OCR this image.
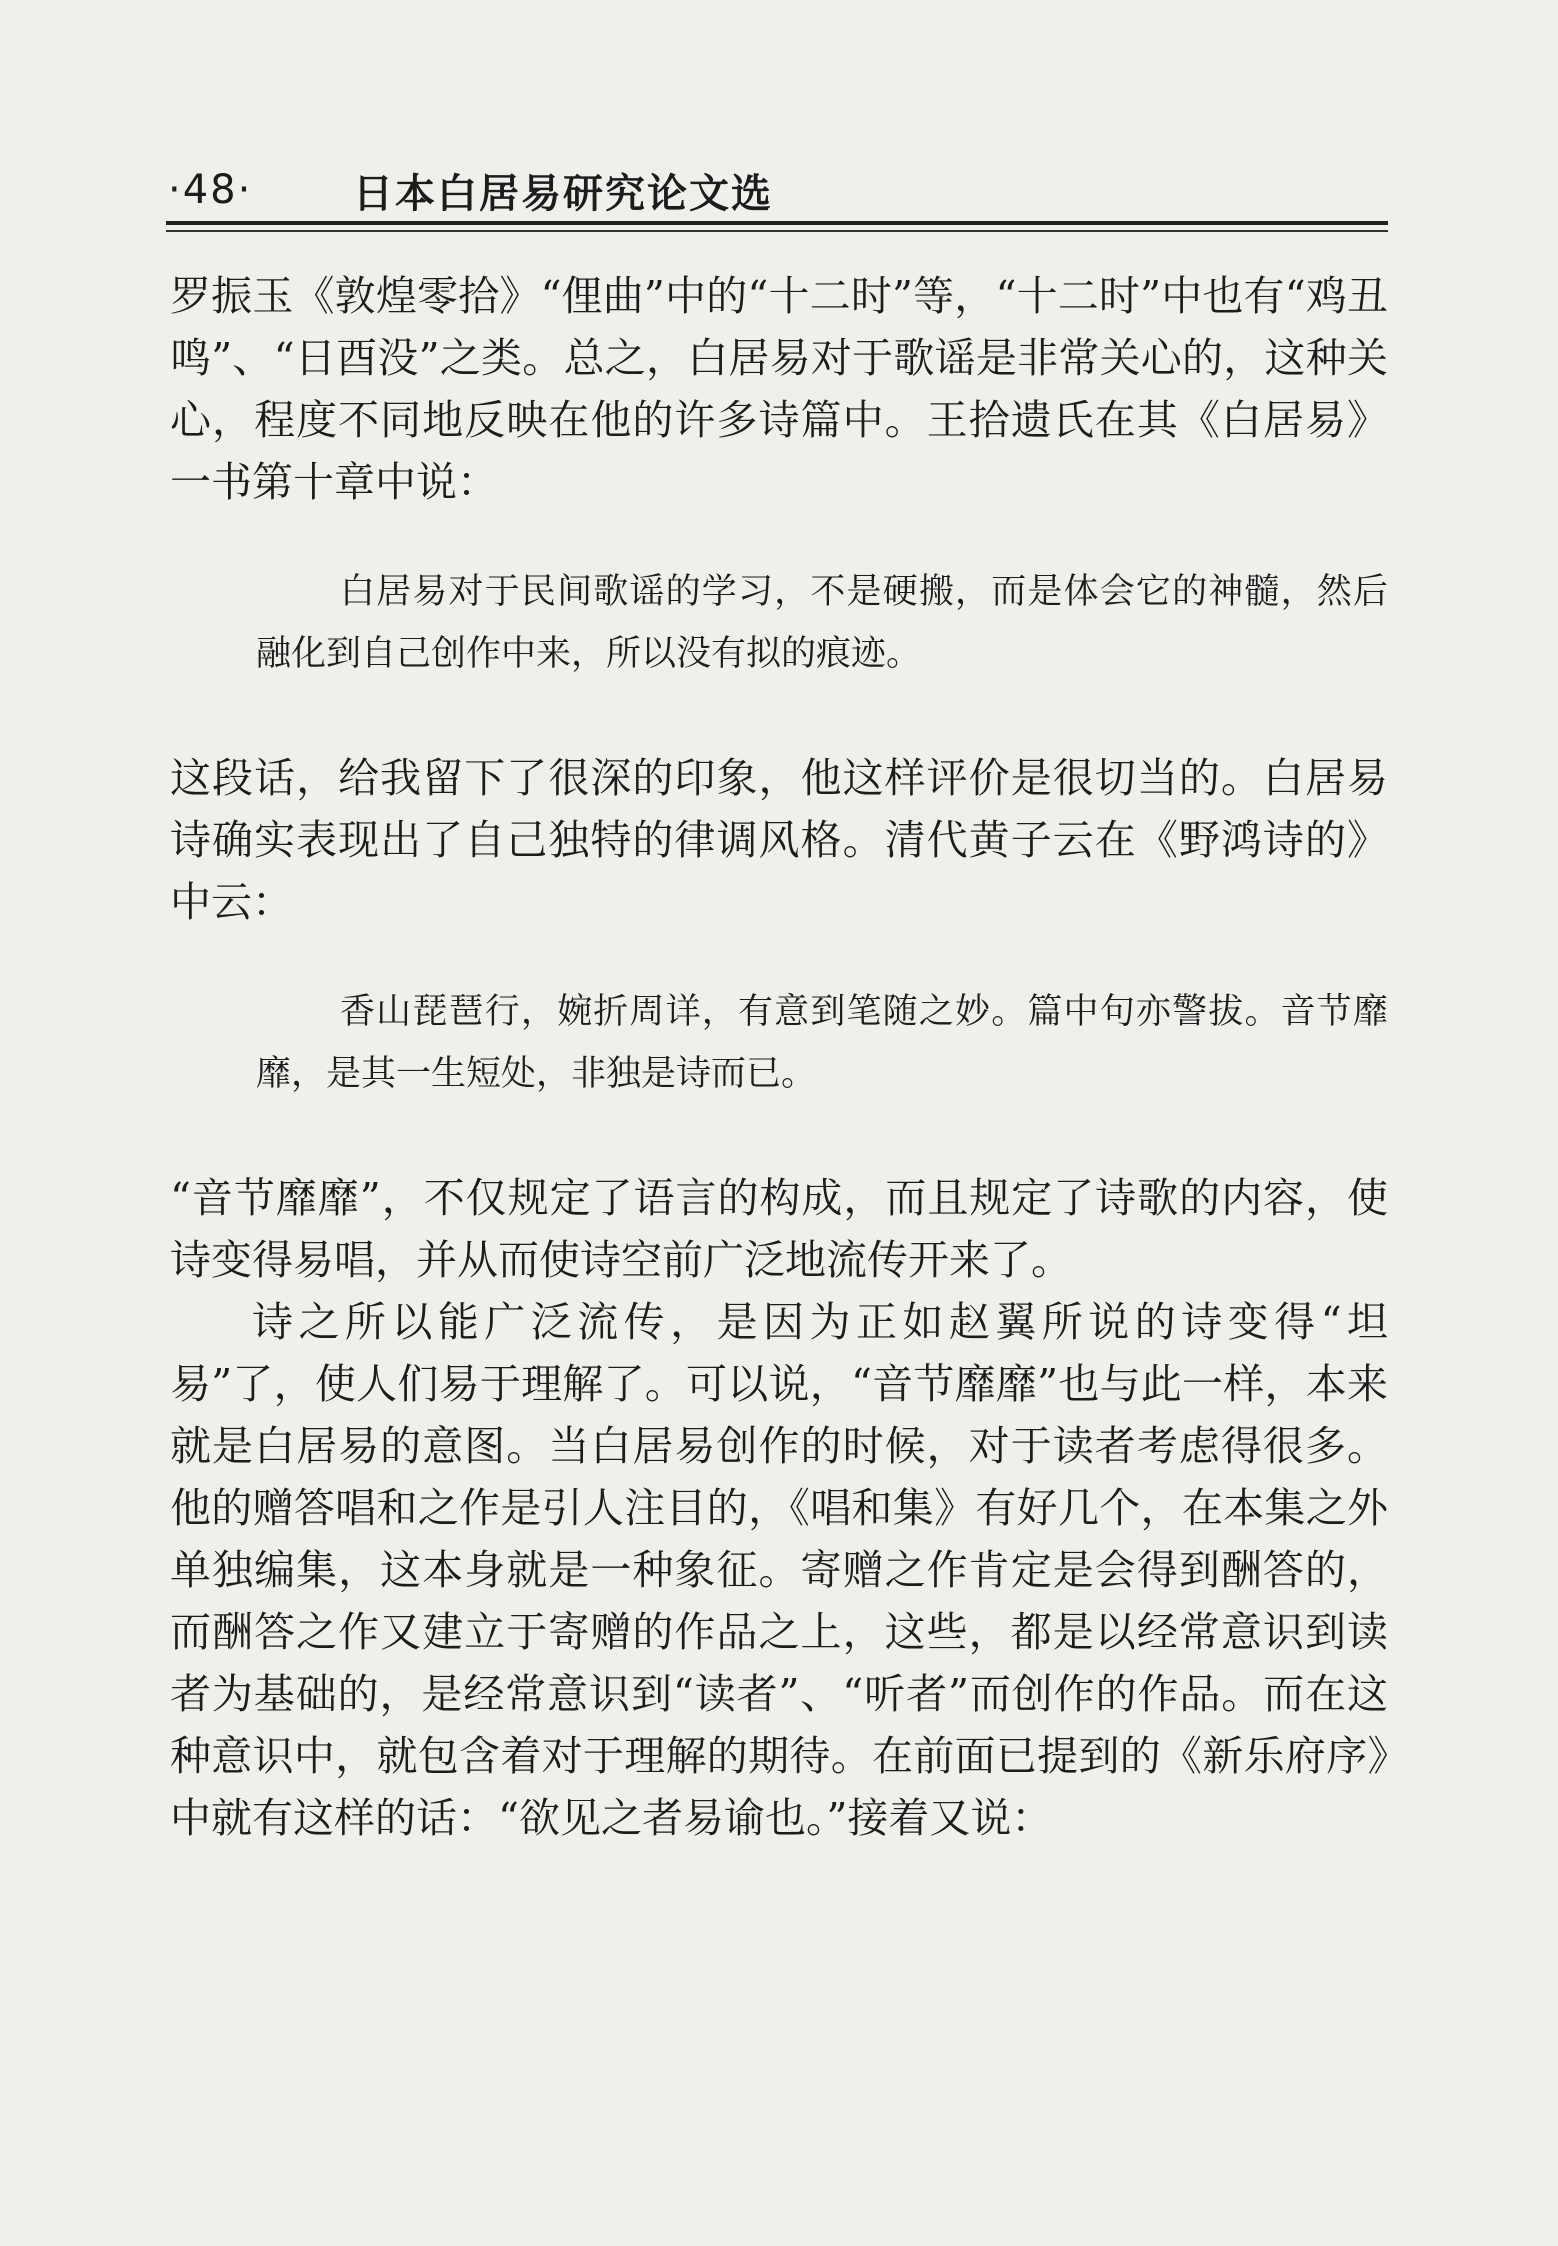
·48·	日本白居易研究论文选

罗振玉《敦煌零拾》“俚曲”中的“十二时”等，“十二时”中也有“鸡丑鸣”、“日酉没”之类。总之，白居易对于歌谣是非常关心的，这种关心，程度不同地反映在他的许多诗篇中。王拾遗氏在其《白居易》一书第十章中说：

白居易对于民间歌谣的学习，不是硬搬，而是体会它的神髓，然后融化到自己创作中来，所以没有拟的痕迹。

这段话，给我留下了很深的印象，他这样评价是很切当的。白居易诗确实表现出了自己独特的律调风格。清代黄子云在《野鸿诗的》中云：

香山琵琶行，婉折周详，有意到笔随之妙。篇中句亦警拔。音节靡靡，是其一生短处，非独是诗而已。

“音节靡靡”，不仅规定了语言的构成，而且规定了诗歌的内容，使诗变得易唱，并从而使诗空前广泛地流传开来了。

诗之所以能广泛流传，是因为正如赵翼所说的诗变得“坦易”了，使人们易于理解了。可以说，“音节靡靡”也与此一样，本来就是白居易的意图。当白居易创作的时候，对于读者考虑得很多。他的赠答唱和之作是引人注目的，《唱和集》有好几个，在本集之外单独编集，这本身就是一种象征。寄赠之作肯定是会得到酬答的，而酬答之作又建立于寄赠的作品之上，这些，都是以经常意识到读者为基础的，是经常意识到“读者”、“听者”而创作的作品。而在这种意识中，就包含着对于理解的期待。在前面已提到的《新乐府序》中就有这样的话：“欲见之者易谕也。”接着又说：
